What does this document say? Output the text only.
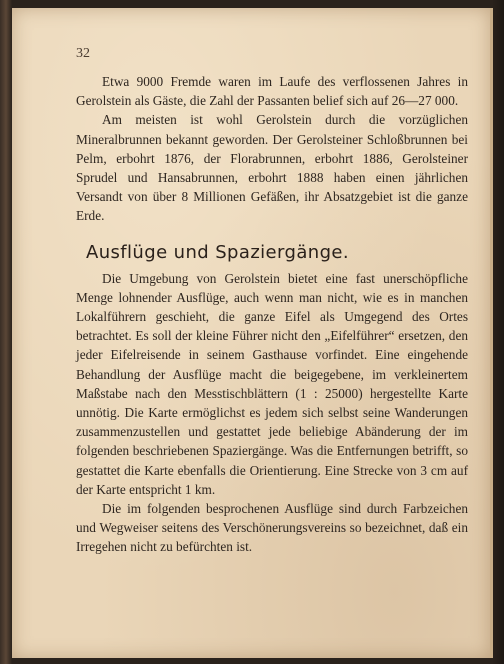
32

Etwa 9000 Fremde waren im Laufe des verflossenen Jahres in Gerolstein als Gäste, die Zahl der Passanten belief sich auf 26—27 000.

Am meisten ist wohl Gerolstein durch die vorzüglichen Mineralbrunnen bekannt geworden. Der Gerolsteiner Schloßbrunnen bei Pelm, erbohrt 1876, der Florabrunnen, erbohrt 1886, Gerolsteiner Sprudel und Hansabrunnen, erbohrt 1888 haben einen jährlichen Versandt von über 8 Millionen Gefäßen, ihr Absatzgebiet ist die ganze Erde.

Ausflüge und Spaziergänge.

Die Umgebung von Gerolstein bietet eine fast unerschöpfliche Menge lohnender Ausflüge, auch wenn man nicht, wie es in manchen Lokalführern geschieht, die ganze Eifel als Umgegend des Ortes betrachtet. Es soll der kleine Führer nicht den „Eifelführer“ ersetzen, den jeder Eifelreisende in seinem Gasthause vorfindet. Eine eingehende Behandlung der Ausflüge macht die beigegebene, im verkleinertem Maßstabe nach den Messtischblättern (1 : 25000) hergestellte Karte unnötig. Die Karte ermöglichst es jedem sich selbst seine Wanderungen zusammenzustellen und gestattet jede beliebige Abänderung der im folgenden beschriebenen Spaziergänge. Was die Entfernungen betrifft, so gestattet die Karte ebenfalls die Orientierung. Eine Strecke von 3 cm auf der Karte entspricht 1 km.

Die im folgenden besprochenen Ausflüge sind durch Farbzeichen und Wegweiser seitens des Verschönerungsvereins so bezeichnet, daß ein Irregehen nicht zu befürchten ist.
